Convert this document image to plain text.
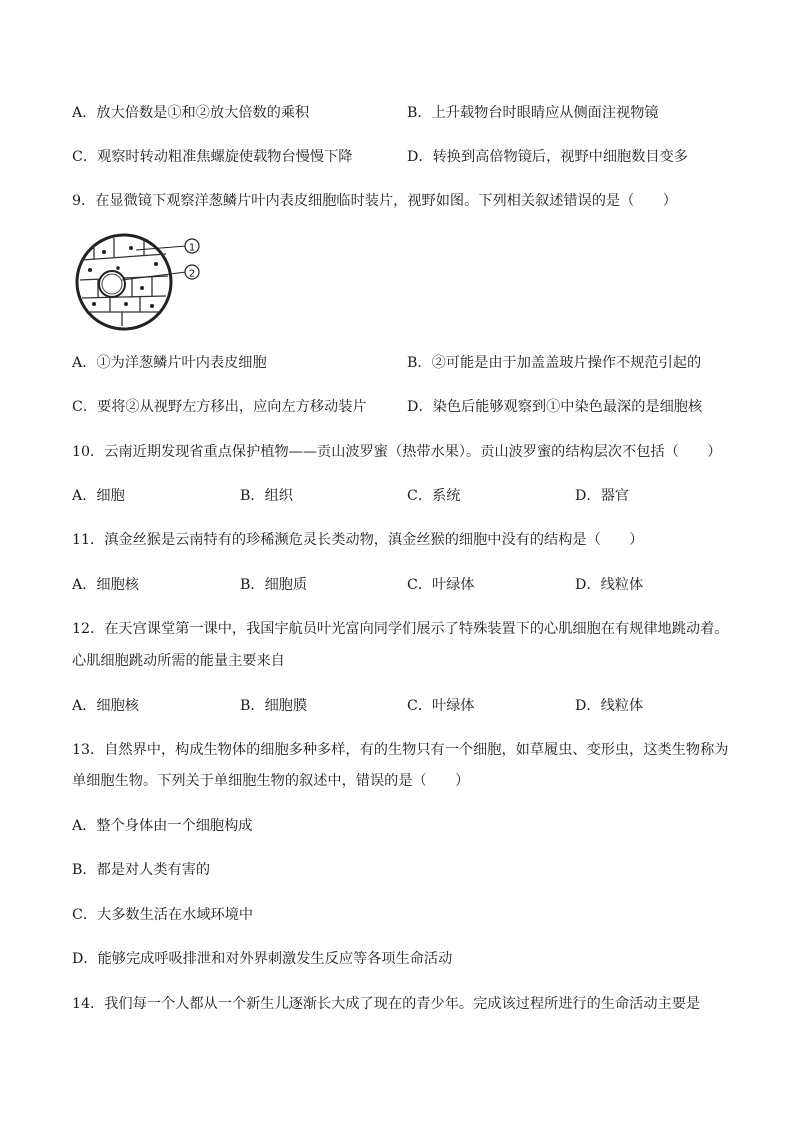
A．放大倍数是①和②放大倍数的乘积	B．上升载物台时眼睛应从侧面注视物镜
C．观察时转动粗准焦螺旋使载物台慢慢下降	D．转换到高倍物镜后，视野中细胞数目变多
9．在显微镜下观察洋葱鳞片叶内表皮细胞临时装片，视野如图。下列相关叙述错误的是（　　）
1
2
A．①为洋葱鳞片叶内表皮细胞	B．②可能是由于加盖盖玻片操作不规范引起的
C．要将②从视野左方移出，应向左方移动装片	D．染色后能够观察到①中染色最深的是细胞核
10．云南近期发现省重点保护植物——贡山波罗蜜（热带水果）。贡山波罗蜜的结构层次不包括（　　）
A．细胞	B．组织	C．系统	D．器官
11．滇金丝猴是云南特有的珍稀濒危灵长类动物，滇金丝猴的细胞中没有的结构是（　　）
A．细胞核	B．细胞质	C．叶绿体	D．线粒体
12．在天宫课堂第一课中，我国宇航员叶光富向同学们展示了特殊装置下的心肌细胞在有规律地跳动着。
心肌细胞跳动所需的能量主要来自
A．细胞核	B．细胞膜	C．叶绿体	D．线粒体
13．自然界中，构成生物体的细胞多种多样，有的生物只有一个细胞，如草履虫、变形虫，这类生物称为
单细胞生物。下列关于单细胞生物的叙述中，错误的是（　　）
A．整个身体由一个细胞构成
B．都是对人类有害的
C．大多数生活在水域环境中
D．能够完成呼吸排泄和对外界刺激发生反应等各项生命活动
14．我们每一个人都从一个新生儿逐渐长大成了现在的青少年。完成该过程所进行的生命活动主要是
